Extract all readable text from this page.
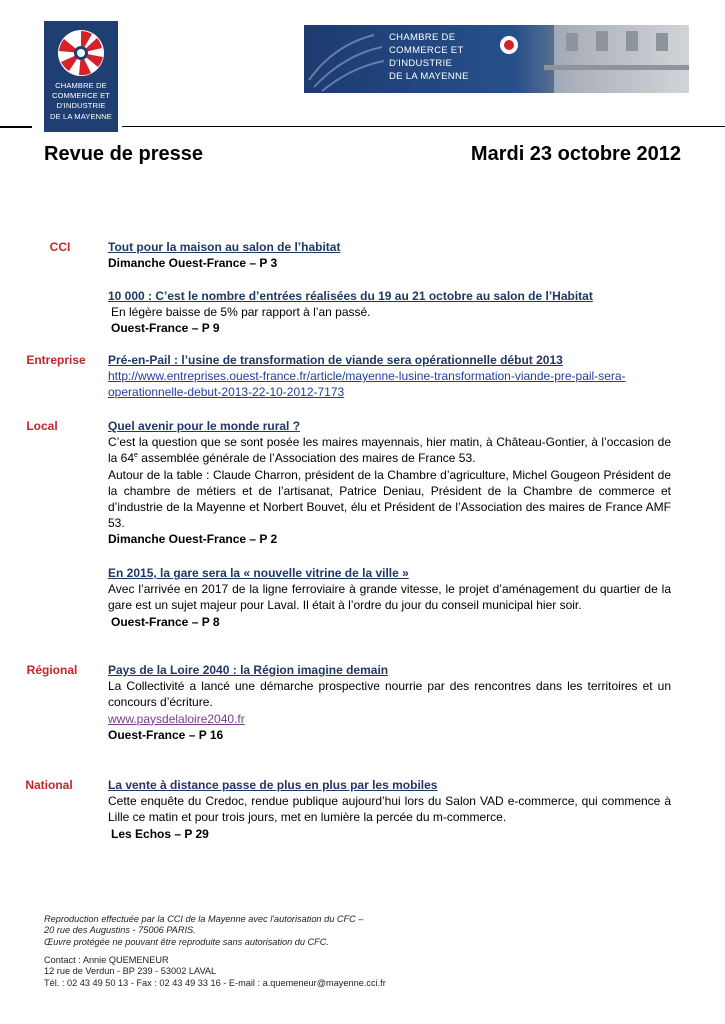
CHAMBRE DE
COMMERCE ET
D'INDUSTRIE
DE LA MAYENNE
CHAMBRE DE
COMMERCE ET
D'INDUSTRIE
DE LA MAYENNE
Revue de presse	Mardi 23 octobre 2012
CCI	Tout pour la maison au salon de l’habitat
Dimanche Ouest-France – P 3
10 000 : C’est le nombre d’entrées réalisées du 19 au 21 octobre au salon de l’Habitat
En légère baisse de 5% par rapport à l’an passé.
Ouest-France – P 9
Entreprise	Pré-en-Pail : l’usine de transformation de viande sera opérationnelle début 2013
http://www.entreprises.ouest-france.fr/article/mayenne-lusine-transformation-viande-pre-pail-sera-
operationnelle-debut-2013-22-10-2012-7173
Local	Quel avenir pour le monde rural ?
C’est la question que se sont posée les maires mayennais, hier matin, à Château-Gontier, à l’occasion de la 64e assemblée générale de l’Association des maires de France 53.
Autour de la table : Claude Charron, président de la Chambre d’agriculture, Michel Gougeon Président de la chambre de métiers et de l’artisanat, Patrice Deniau, Président de la Chambre de commerce et d’industrie de la Mayenne et Norbert Bouvet, élu et Président de l’Association des maires de France AMF 53.
Dimanche Ouest-France – P 2
En 2015, la gare sera la « nouvelle vitrine de la ville »
Avec l’arrivée en 2017 de la ligne ferroviaire à grande vitesse, le projet d’aménagement du quartier de la gare est un sujet majeur pour Laval. Il était à l’ordre du jour du conseil municipal hier soir.
Ouest-France – P 8
Régional	Pays de la Loire 2040 : la Région imagine demain
La Collectivité a lancé une démarche prospective nourrie par des rencontres dans les territoires et un concours d’écriture.
www.paysdelaloire2040.fr
Ouest-France – P 16
National	La vente à distance passe de plus en plus par les mobiles
Cette enquête du Credoc, rendue publique aujourd’hui lors du Salon VAD e-commerce, qui commence à Lille ce matin et pour trois jours, met en lumière la percée du m-commerce.
Les Echos – P 29
Reproduction effectuée par la CCI de la Mayenne avec l'autorisation du CFC –
20 rue des Augustins - 75006 PARIS.
Œuvre protégée ne pouvant être reproduite sans autorisation du CFC.
Contact : Annie QUEMENEUR
12 rue de Verdun - BP 239 - 53002 LAVAL
Tél. : 02 43 49 50 13 - Fax : 02 43 49 33 16 - E-mail : a.quemeneur@mayenne.cci.fr
